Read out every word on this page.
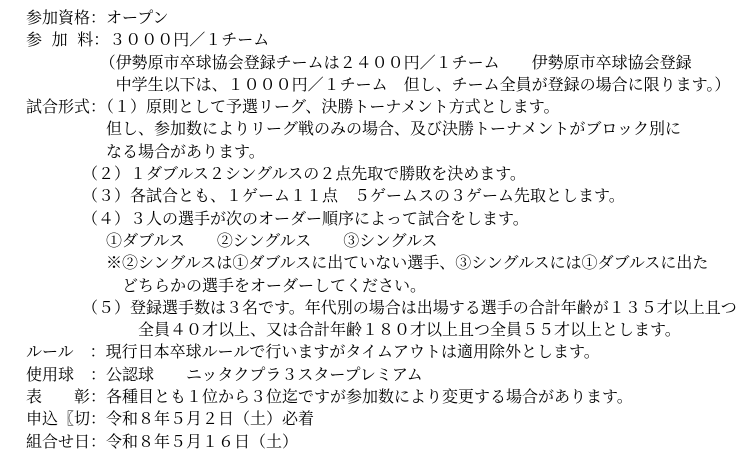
参加資格：オープン
参 加 料：３０００円／１チーム
　　　　 （伊勢原市卒球協会登録チームは２４００円／１チーム　　伊勢原市卒球協会登録
　　　　　 中学生以下は、１０００円／１チーム　但し、チーム全員が登録の場合に限ります。）
試合形式：（１）原則として予選リーグ、決勝トーナメント方式とします。
　　　　　但し、参加数によりリーグ戦のみの場合、及び決勝トーナメントがブロック別に
　　　　　なる場合があります。
　　　　（２）１ダブルス２シングルスの２点先取で勝敗を決めます。
　　　　（３）各試合とも、１ゲーム１１点　５ゲームスの３ゲーム先取とします。
　　　　（４）３人の選手が次のオーダー順序によって試合をします。
　　　　　①ダブルス　　②シングルス　　③シングルス
　　　　　※②シングルスは①ダブルスに出ていない選手、③シングルスには①ダブルスに出た
　　　　　　どちらかの選手をオーダーしてください。
　　　　（５）登録選手数は３名です。年代別の場合は出場する選手の合計年齢が１３５才以上且つ
　　　　　　　全員４０才以上、又は合計年齢１８０才以上且つ全員５５才以上とします。
ルール　：現行日本卒球ルールで行いますがタイムアウトは適用除外とします。
使用球　：公認球　　ニッタクプラ３スタープレミアム
表　　彰：各種目とも１位から３位迄ですが参加数により変更する場合があります。
申込〖切：令和８年５月２日（土）必着
組合せ日：令和８年５月１６日（土）
